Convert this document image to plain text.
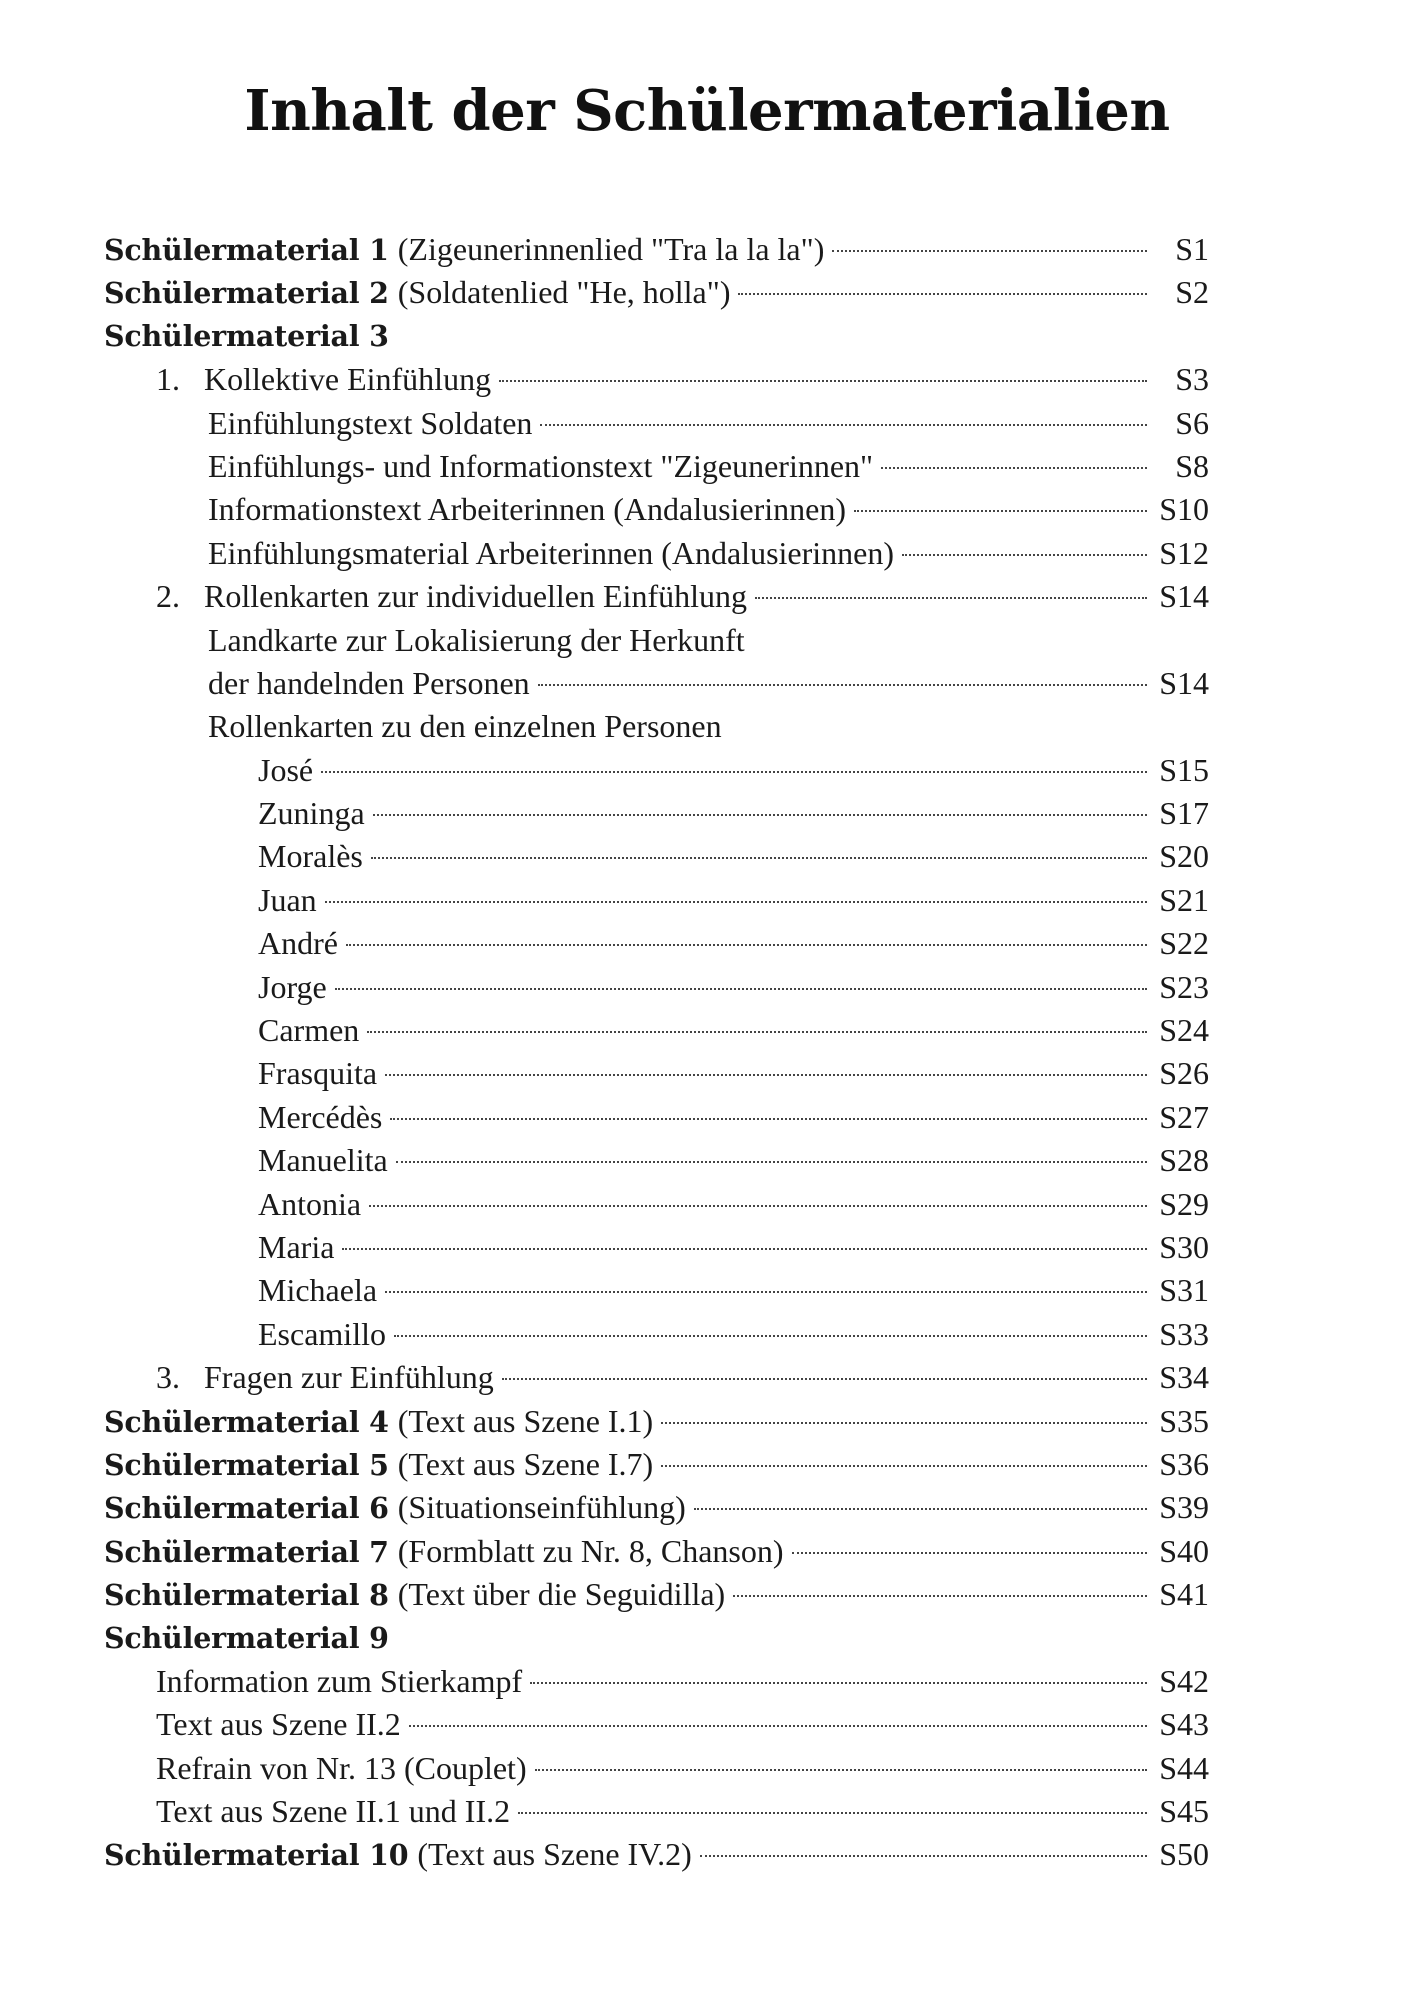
Inhalt der Schülermaterialien
Schülermaterial 1 (Zigeunerinnenlied "Tra la la la")	S1
Schülermaterial 2 (Soldatenlied "He, holla")	S2
Schülermaterial 3
1. Kollektive Einfühlung	S3
Einfühlungstext Soldaten	S6
Einfühlungs- und Informationstext "Zigeunerinnen"	S8
Informationstext Arbeiterinnen (Andalusierinnen)	S10
Einfühlungsmaterial Arbeiterinnen (Andalusierinnen)	S12
2. Rollenkarten zur individuellen Einfühlung	S14
Landkarte zur Lokalisierung der Herkunft
der handelnden Personen	S14
Rollenkarten zu den einzelnen Personen
José	S15
Zuninga	S17
Moralès	S20
Juan	S21
André	S22
Jorge	S23
Carmen	S24
Frasquita	S26
Mercédès	S27
Manuelita	S28
Antonia	S29
Maria	S30
Michaela	S31
Escamillo	S33
3. Fragen zur Einfühlung	S34
Schülermaterial 4 (Text aus Szene I.1)	S35
Schülermaterial 5 (Text aus Szene I.7)	S36
Schülermaterial 6 (Situationseinfühlung)	S39
Schülermaterial 7 (Formblatt zu Nr. 8, Chanson)	S40
Schülermaterial 8 (Text über die Seguidilla)	S41
Schülermaterial 9
Information zum Stierkampf	S42
Text aus Szene II.2	S43
Refrain von Nr. 13 (Couplet)	S44
Text aus Szene II.1 und II.2	S45
Schülermaterial 10 (Text aus Szene IV.2)	S50
